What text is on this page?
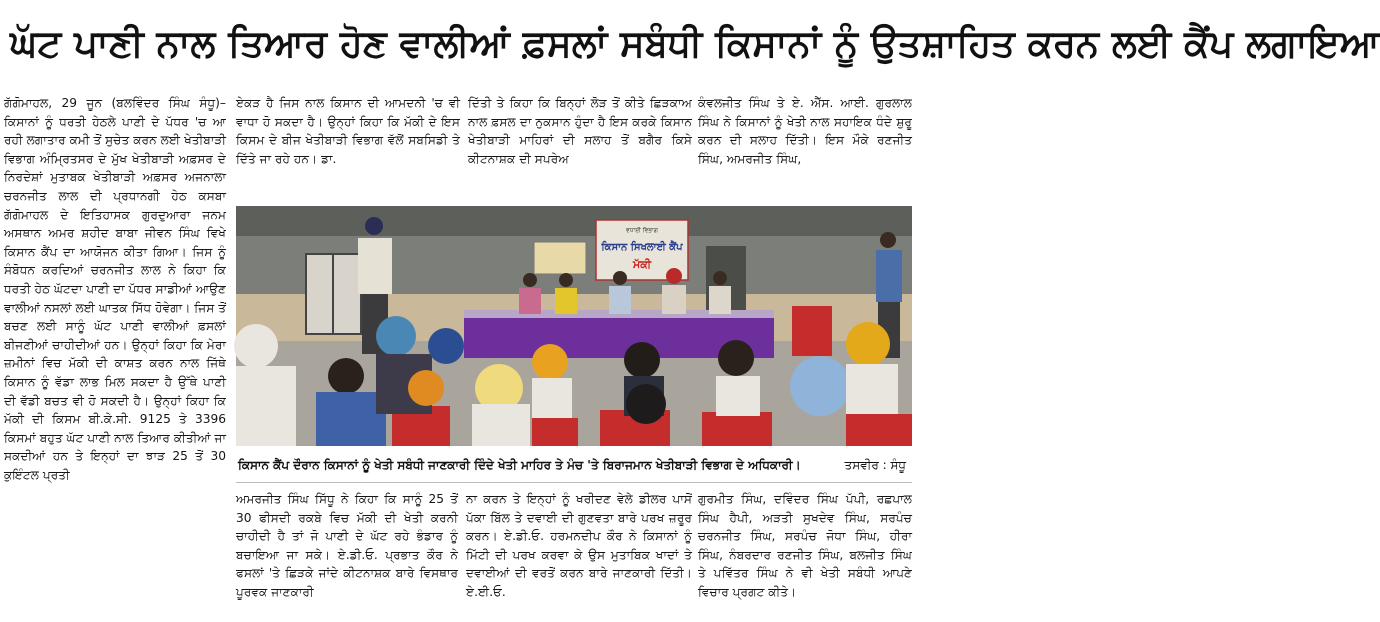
ਘੱਟ ਪਾਣੀ ਨਾਲ ਤਿਆਰ ਹੋਣ ਵਾਲੀਆਂ ਫ਼ਸਲਾਂ ਸਬੰਧੀ ਕਿਸਾਨਾਂ ਨੂੰ ਉਤਸ਼ਾਹਿਤ ਕਰਨ ਲਈ ਕੈਂਪ ਲਗਾਇਆ
ਗੱਗੋਮਾਹਲ, 29 ਜੂਨ (ਬਲਵਿੰਦਰ ਸਿੰਘ ਸੰਧੂ)–ਕਿਸਾਨਾਂ ਨੂੰ ਧਰਤੀ ਹੇਠਲੇ ਪਾਣੀ ਦੇ ਪੱਧਰ 'ਚ ਆ ਰਹੀ ਲਗਾਤਾਰ ਕਮੀ ਤੋਂ ਸੁਚੇਤ ਕਰਨ ਲਈ ਖੇਤੀਬਾੜੀ ਵਿਭਾਗ ਅੰਮ੍ਰਿਤਸਰ ਦੇ ਮੁੱਖ ਖੇਤੀਬਾੜੀ ਅਫ਼ਸਰ ਦੇ ਨਿਰਦੇਸ਼ਾਂ ਮੁਤਾਬਕ ਖੇਤੀਬਾੜੀ ਅਫ਼ਸਰ ਅਜਨਾਲਾ ਚਰਨਜੀਤ ਲਾਲ ਦੀ ਪ੍ਰਧਾਨਗੀ ਹੇਠ ਕਸਬਾ ਗੱਗੋਮਾਹਲ ਦੇ ਇਤਿਹਾਸਕ ਗੁਰਦੁਆਰਾ ਜਨਮ ਅਸਥਾਨ ਅਮਰ ਸ਼ਹੀਦ ਬਾਬਾ ਜੀਵਨ ਸਿੰਘ ਵਿਖੇ ਕਿਸਾਨ ਕੈਂਪ ਦਾ ਆਯੋਜਨ ਕੀਤਾ ਗਿਆ। ਜਿਸ ਨੂੰ ਸੰਬੋਧਨ ਕਰਦਿਆਂ ਚਰਨਜੀਤ ਲਾਲ ਨੇ ਕਿਹਾ ਕਿ ਧਰਤੀ ਹੇਠ ਘੱਟਦਾ ਪਾਣੀ ਦਾ ਪੱਧਰ ਸਾਡੀਆਂ ਆਉਣ ਵਾਲੀਆਂ ਨਸਲਾਂ ਲਈ ਘਾਤਕ ਸਿੱਧ ਹੋਵੇਗਾ। ਜਿਸ ਤੋਂ ਬਚਣ ਲਈ ਸਾਨੂੰ ਘੱਟ ਪਾਣੀ ਵਾਲੀਆਂ ਫ਼ਸਲਾਂ ਬੀਜਣੀਆਂ ਚਾਹੀਦੀਆਂ ਹਨ। ਉਨ੍ਹਾਂ ਕਿਹਾ ਕਿ ਮੇਰਾ ਜ਼ਮੀਨਾਂ ਵਿਚ ਮੱਕੀ ਦੀ ਕਾਸ਼ਤ ਕਰਨ ਨਾਲ ਜਿੱਥੇ ਕਿਸਾਨ ਨੂੰ ਵੱਡਾ ਲਾਭ ਮਿਲ ਸਕਦਾ ਹੈ ਉੱਥੇ ਪਾਣੀ ਦੀ ਵੱਡੀ ਬਚਤ ਵੀ ਹੋ ਸਕਦੀ ਹੈ। ਉਨ੍ਹਾਂ ਕਿਹਾ ਕਿ ਮੱਕੀ ਦੀ ਕਿਸਮ ਬੀ.ਕੇ.ਸੀ. 9125 ਤੇ 3396 ਕਿਸਮਾਂ ਬਹੁਤ ਘੱਟ ਪਾਣੀ ਨਾਲ ਤਿਆਰ ਕੀਤੀਆਂ ਜਾ ਸਕਦੀਆਂ ਹਨ ਤੇ ਇਨ੍ਹਾਂ ਦਾ ਝਾੜ 25 ਤੋਂ 30 ਕੁਇੰਟਲ ਪ੍ਰਤੀ
ਏਕੜ ਹੈ ਜਿਸ ਨਾਲ ਕਿਸਾਨ ਦੀ ਆਮਦਨੀ 'ਚ ਵੀ ਵਾਧਾ ਹੋ ਸਕਦਾ ਹੈ। ਉਨ੍ਹਾਂ ਕਿਹਾ ਕਿ ਮੱਕੀ ਦੇ ਇਸ ਕਿਸਮ ਦੇ ਬੀਜ ਖੇਤੀਬਾੜੀ ਵਿਭਾਗ ਵੱਲੋਂ ਸਬਸਿਡੀ ਤੇ ਦਿੱਤੇ ਜਾ ਰਹੇ ਹਨ। ਡਾ.
ਦਿੱਤੀ ਤੇ ਕਿਹਾ ਕਿ ਬਿਨ੍ਹਾਂ ਲੋੜ ਤੋਂ ਕੀਤੇ ਛਿੜਕਾਅ ਨਾਲ ਫ਼ਸਲ ਦਾ ਨੁਕਸਾਨ ਹੁੰਦਾ ਹੈ ਇਸ ਕਰਕੇ ਕਿਸਾਨ ਖੇਤੀਬਾੜੀ ਮਾਹਿਰਾਂ ਦੀ ਸਲਾਹ ਤੋਂ ਬਗੈਰ ਕਿਸੇ ਕੀਟਨਾਸ਼ਕ ਦੀ ਸਪਰੇਅ
ਕੰਵਲਜੀਤ ਸਿੰਘ ਤੇ ਏ. ਐੱਸ. ਆਈ. ਗੁਰਲਾਲ ਸਿੰਘ ਨੇ ਕਿਸਾਨਾਂ ਨੂੰ ਖੇਤੀ ਨਾਲ ਸਹਾਇਕ ਧੰਦੇ ਸ਼ੁਰੂ ਕਰਨ ਦੀ ਸਲਾਹ ਦਿੱਤੀ। ਇਸ ਮੌਕੇ ਰਣਜੀਤ ਸਿੰਘ, ਅਮਰਜੀਤ ਸਿੰਘ,
ਵਧਾਈ ਵਿਭਾਗ
ਕਿਸਾਨ ਸਿਖਲਾਈ ਕੈਂਪ
ਮੱਕੀ
ਕਿਸਾਨ ਕੈਂਪ ਦੌਰਾਨ ਕਿਸਾਨਾਂ ਨੂੰ ਖੇਤੀ ਸਬੰਧੀ ਜਾਣਕਾਰੀ ਦਿੰਦੇ ਖੇਤੀ ਮਾਹਿਰ ਤੇ ਮੰਚ 'ਤੇ ਬਿਰਾਜਮਾਨ ਖੇਤੀਬਾੜੀ ਵਿਭਾਗ ਦੇ ਅਧਿਕਾਰੀ।	ਤਸਵੀਰ : ਸੰਧੂ
ਅਮਰਜੀਤ ਸਿੰਘ ਸਿੱਧੂ ਨੇ ਕਿਹਾ ਕਿ ਸਾਨੂੰ 25 ਤੋਂ 30 ਫੀਸਦੀ ਰਕਬੇ ਵਿਚ ਮੱਕੀ ਦੀ ਖੇਤੀ ਕਰਨੀ ਚਾਹੀਦੀ ਹੈ ਤਾਂ ਜੋ ਪਾਣੀ ਦੇ ਘੱਟ ਰਹੇ ਭੰਡਾਰ ਨੂੰ ਬਚਾਇਆ ਜਾ ਸਕੇ। ਏ.ਡੀ.ਓ. ਪ੍ਰਭਾਤ ਕੌਰ ਨੇ ਫਸਲਾਂ 'ਤੇ ਛਿੜਕੇ ਜਾਂਦੇ ਕੀਟਨਾਸ਼ਕ ਬਾਰੇ ਵਿਸਥਾਰ ਪੂਰਵਕ ਜਾਣਕਾਰੀ
ਨਾ ਕਰਨ ਤੇ ਇਨ੍ਹਾਂ ਨੂੰ ਖਰੀਦਣ ਵੇਲੇ ਡੀਲਰ ਪਾਸੋਂ ਪੱਕਾ ਬਿੱਲ ਤੇ ਦਵਾਈ ਦੀ ਗੁਣਵਤਾ ਬਾਰੇ ਪਰਖ ਜ਼ਰੂਰ ਕਰਨ। ਏ.ਡੀ.ਓ. ਹਰਮਨਦੀਪ ਕੌਰ ਨੇ ਕਿਸਾਨਾਂ ਨੂੰ ਮਿੱਟੀ ਦੀ ਪਰਖ ਕਰਵਾ ਕੇ ਉਸ ਮੁਤਾਬਿਕ ਖਾਦਾਂ ਤੇ ਦਵਾਈਆਂ ਦੀ ਵਰਤੋਂ ਕਰਨ ਬਾਰੇ ਜਾਣਕਾਰੀ ਦਿੱਤੀ। ਏ.ਈ.ਓ.
ਗੁਰਮੀਤ ਸਿੰਘ, ਦਵਿੰਦਰ ਸਿੰਘ ਪੱਪੀ, ਰਛਪਾਲ ਸਿੰਘ ਹੈਪੀ, ਅੜਤੀ ਸੁਖਦੇਵ ਸਿੰਘ, ਸਰਪੰਚ ਚਰਨਜੀਤ ਸਿੰਘ, ਸਰਪੰਚ ਜੋਧਾ ਸਿੰਘ, ਹੀਰਾ ਸਿੰਘ, ਨੰਬਰਦਾਰ ਰਣਜੀਤ ਸਿੰਘ, ਬਲਜੀਤ ਸਿੰਘ ਤੇ ਪਵਿੱਤਰ ਸਿੰਘ ਨੇ ਵੀ ਖੇਤੀ ਸਬੰਧੀ ਆਪਣੇ ਵਿਚਾਰ ਪ੍ਰਗਟ ਕੀਤੇ।
